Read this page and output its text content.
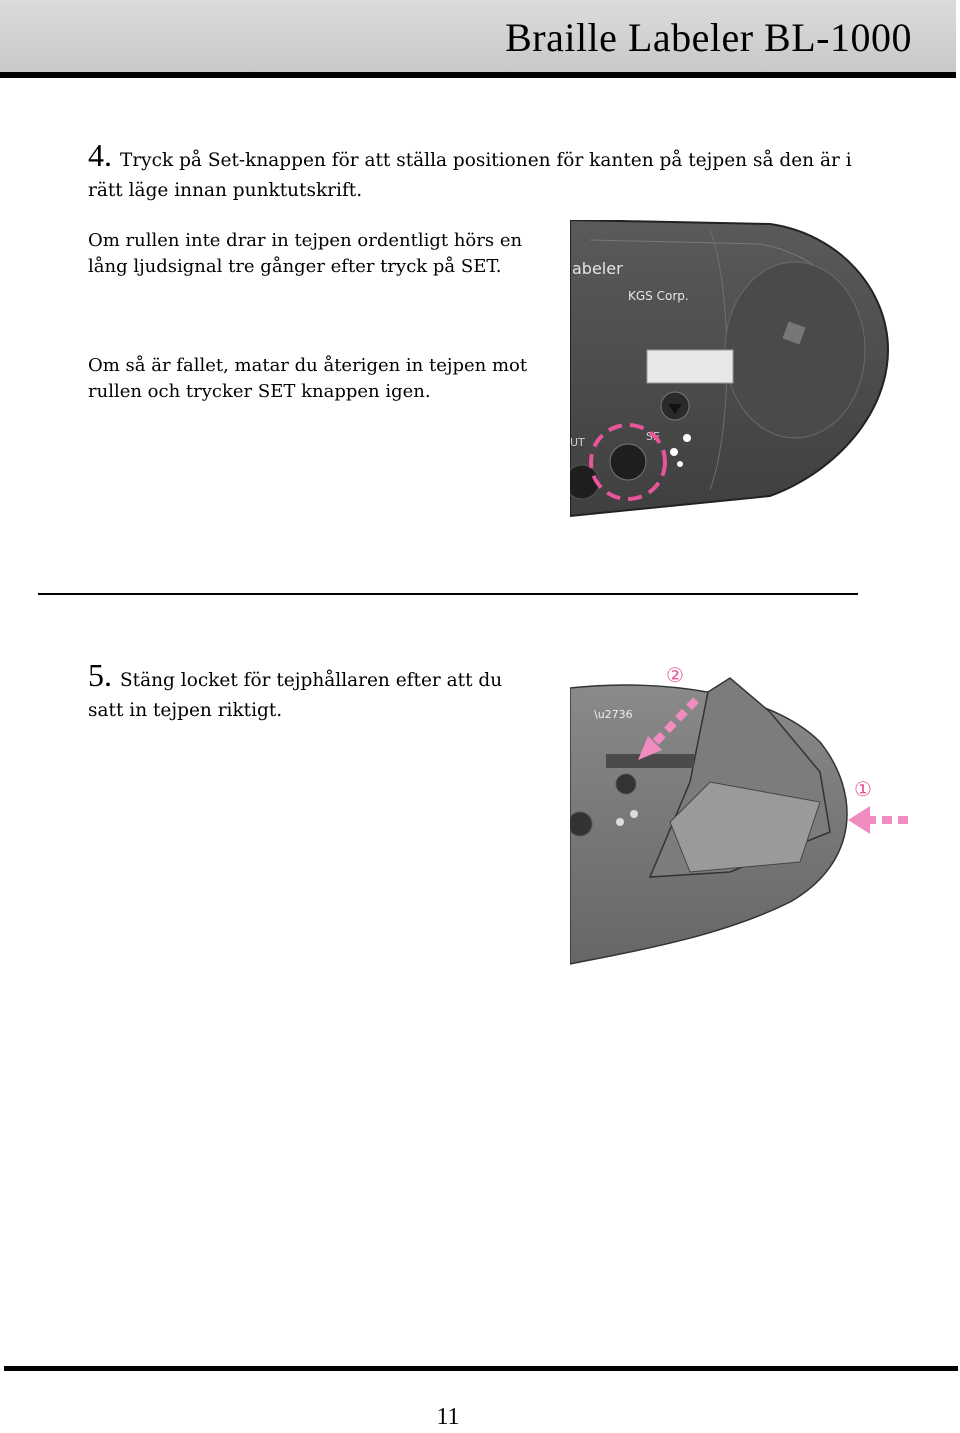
Braille Labeler BL-1000
4. Tryck på Set-knappen för att ställa positionen för kanten på tejpen så den är i rätt läge innan punktutskrift.
Om rullen inte drar in tejpen ordentligt hörs en lång ljudsignal tre gånger efter tryck på SET.
Om så är fallet, matar du återigen in tejpen mot rullen och trycker SET knappen igen.
abeler
KGS Corp.
UT	SE
5. Stäng locket för tejphållaren efter att du satt in tejpen riktigt.	\u2736
②
①
11
